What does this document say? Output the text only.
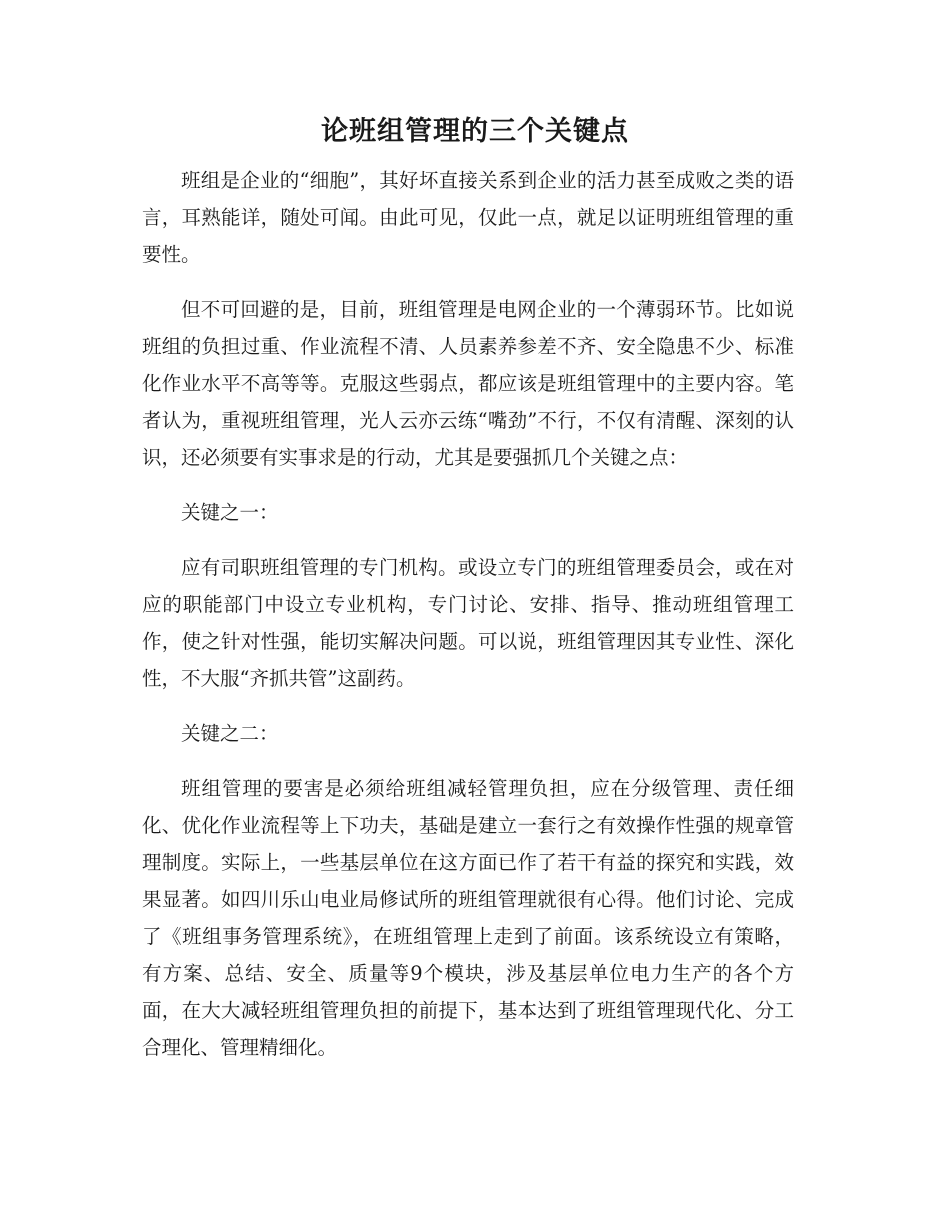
论班组管理的三个关键点

班组是企业的“细胞”，其好坏直接关系到企业的活力甚至成败之类的语言，耳熟能详，随处可闻。由此可见，仅此一点，就足以证明班组管理的重要性。

但不可回避的是，目前，班组管理是电网企业的一个薄弱环节。比如说班组的负担过重、作业流程不清、人员素养参差不齐、安全隐患不少、标准化作业水平不高等等。克服这些弱点，都应该是班组管理中的主要内容。笔者认为，重视班组管理，光人云亦云练“嘴劲”不行，不仅有清醒、深刻的认识，还必须要有实事求是的行动，尤其是要强抓几个关键之点：

关键之一：

应有司职班组管理的专门机构。或设立专门的班组管理委员会，或在对应的职能部门中设立专业机构，专门讨论、安排、指导、推动班组管理工作，使之针对性强，能切实解决问题。可以说，班组管理因其专业性、深化性，不大服“齐抓共管”这副药。

关键之二：

班组管理的要害是必须给班组减轻管理负担，应在分级管理、责任细化、优化作业流程等上下功夫，基础是建立一套行之有效操作性强的规章管理制度。实际上，一些基层单位在这方面已作了若干有益的探究和实践，效果显著。如四川乐山电业局修试所的班组管理就很有心得。他们讨论、完成了《班组事务管理系统》，在班组管理上走到了前面。该系统设立有策略，有方案、总结、安全、质量等9个模块，涉及基层单位电力生产的各个方面，在大大减轻班组管理负担的前提下，基本达到了班组管理现代化、分工合理化、管理精细化。
